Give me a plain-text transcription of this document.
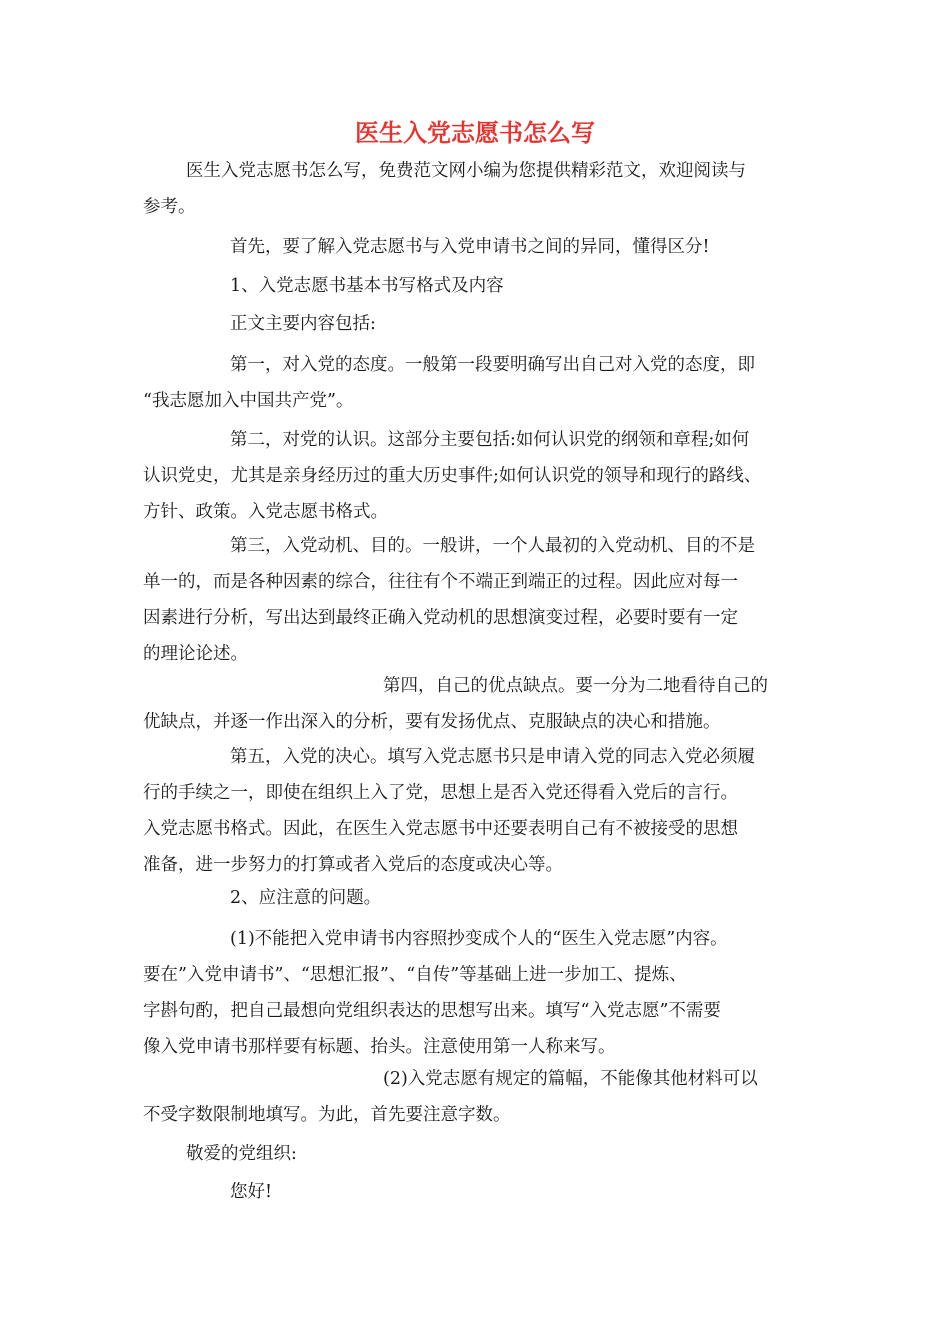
医生入党志愿书怎么写

医生入党志愿书怎么写，免费范文网小编为您提供精彩范文，欢迎阅读与
参考。

首先，要了解入党志愿书与入党申请书之间的异同，懂得区分!

1、入党志愿书基本书写格式及内容

正文主要内容包括:

第一，对入党的态度。一般第一段要明确写出自己对入党的态度，即
“我志愿加入中国共产党”。

第二，对党的认识。这部分主要包括:如何认识党的纲领和章程;如何
认识党史，尤其是亲身经历过的重大历史事件;如何认识党的领导和现行的路线、
方针、政策。入党志愿书格式。

第三，入党动机、目的。一般讲，一个人最初的入党动机、目的不是
单一的，而是各种因素的综合，往往有个不端正到端正的过程。因此应对每一
因素进行分析，写出达到最终正确入党动机的思想演变过程，必要时要有一定
的理论论述。

第四，自己的优点缺点。要一分为二地看待自己的
优缺点，并逐一作出深入的分析，要有发扬优点、克服缺点的决心和措施。

第五，入党的决心。填写入党志愿书只是申请入党的同志入党必须履
行的手续之一，即使在组织上入了党，思想上是否入党还得看入党后的言行。
入党志愿书格式。因此，在医生入党志愿书中还要表明自己有不被接受的思想
准备，进一步努力的打算或者入党后的态度或决心等。

2、应注意的问题。

(1)不能把入党申请书内容照抄变成个人的“医生入党志愿”内容。
要在”入党申请书”、“思想汇报”、“自传”等基础上进一步加工、提炼、
字斟句酌，把自己最想向党组织表达的思想写出来。填写“入党志愿”不需要
像入党申请书那样要有标题、抬头。注意使用第一人称来写。

(2)入党志愿有规定的篇幅，不能像其他材料可以
不受字数限制地填写。为此，首先要注意字数。

敬爱的党组织:

您好!
